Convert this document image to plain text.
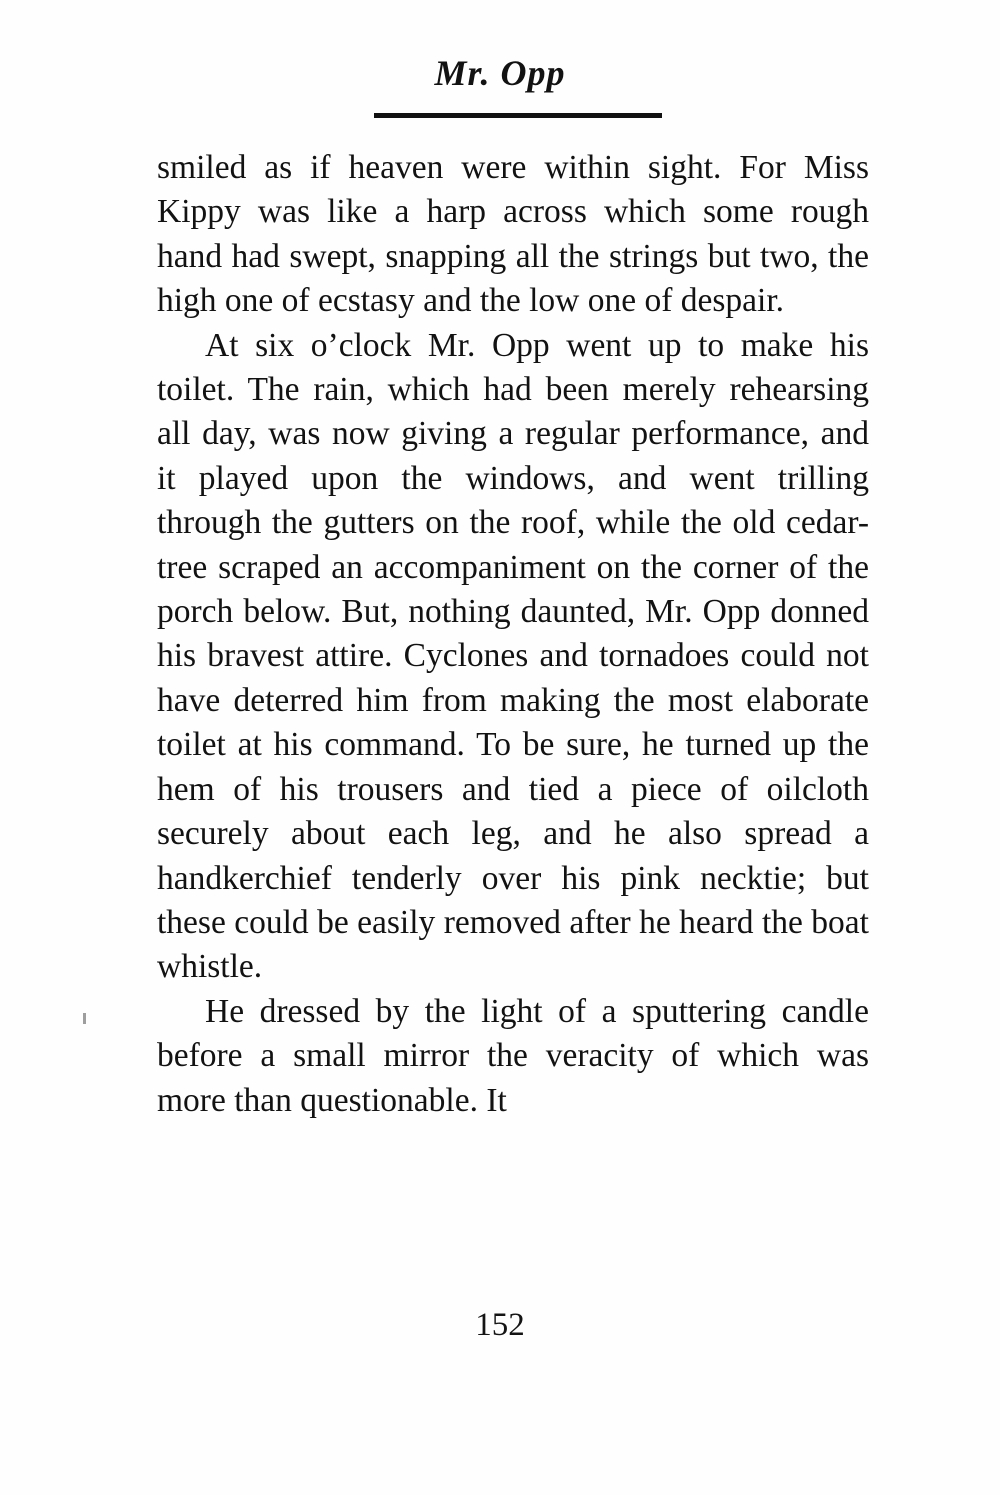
Mr. Opp

smiled as if heaven were within sight. For Miss Kippy was like a harp across which some rough hand had swept, snapping all the strings but two, the high one of ecstasy and the low one of despair.

At six o’clock Mr. Opp went up to make his toilet. The rain, which had been merely rehearsing all day, was now giving a regular performance, and it played upon the windows, and went trilling through the gutters on the roof, while the old cedar-tree scraped an accompaniment on the corner of the porch below. But, nothing daunted, Mr. Opp donned his bravest attire. Cyclones and tornadoes could not have deterred him from making the most elaborate toilet at his command. To be sure, he turned up the hem of his trousers and tied a piece of oilcloth securely about each leg, and he also spread a handkerchief tenderly over his pink necktie; but these could be easily removed after he heard the boat whistle.

He dressed by the light of a sputtering candle before a small mirror the veracity of which was more than questionable. It

152
